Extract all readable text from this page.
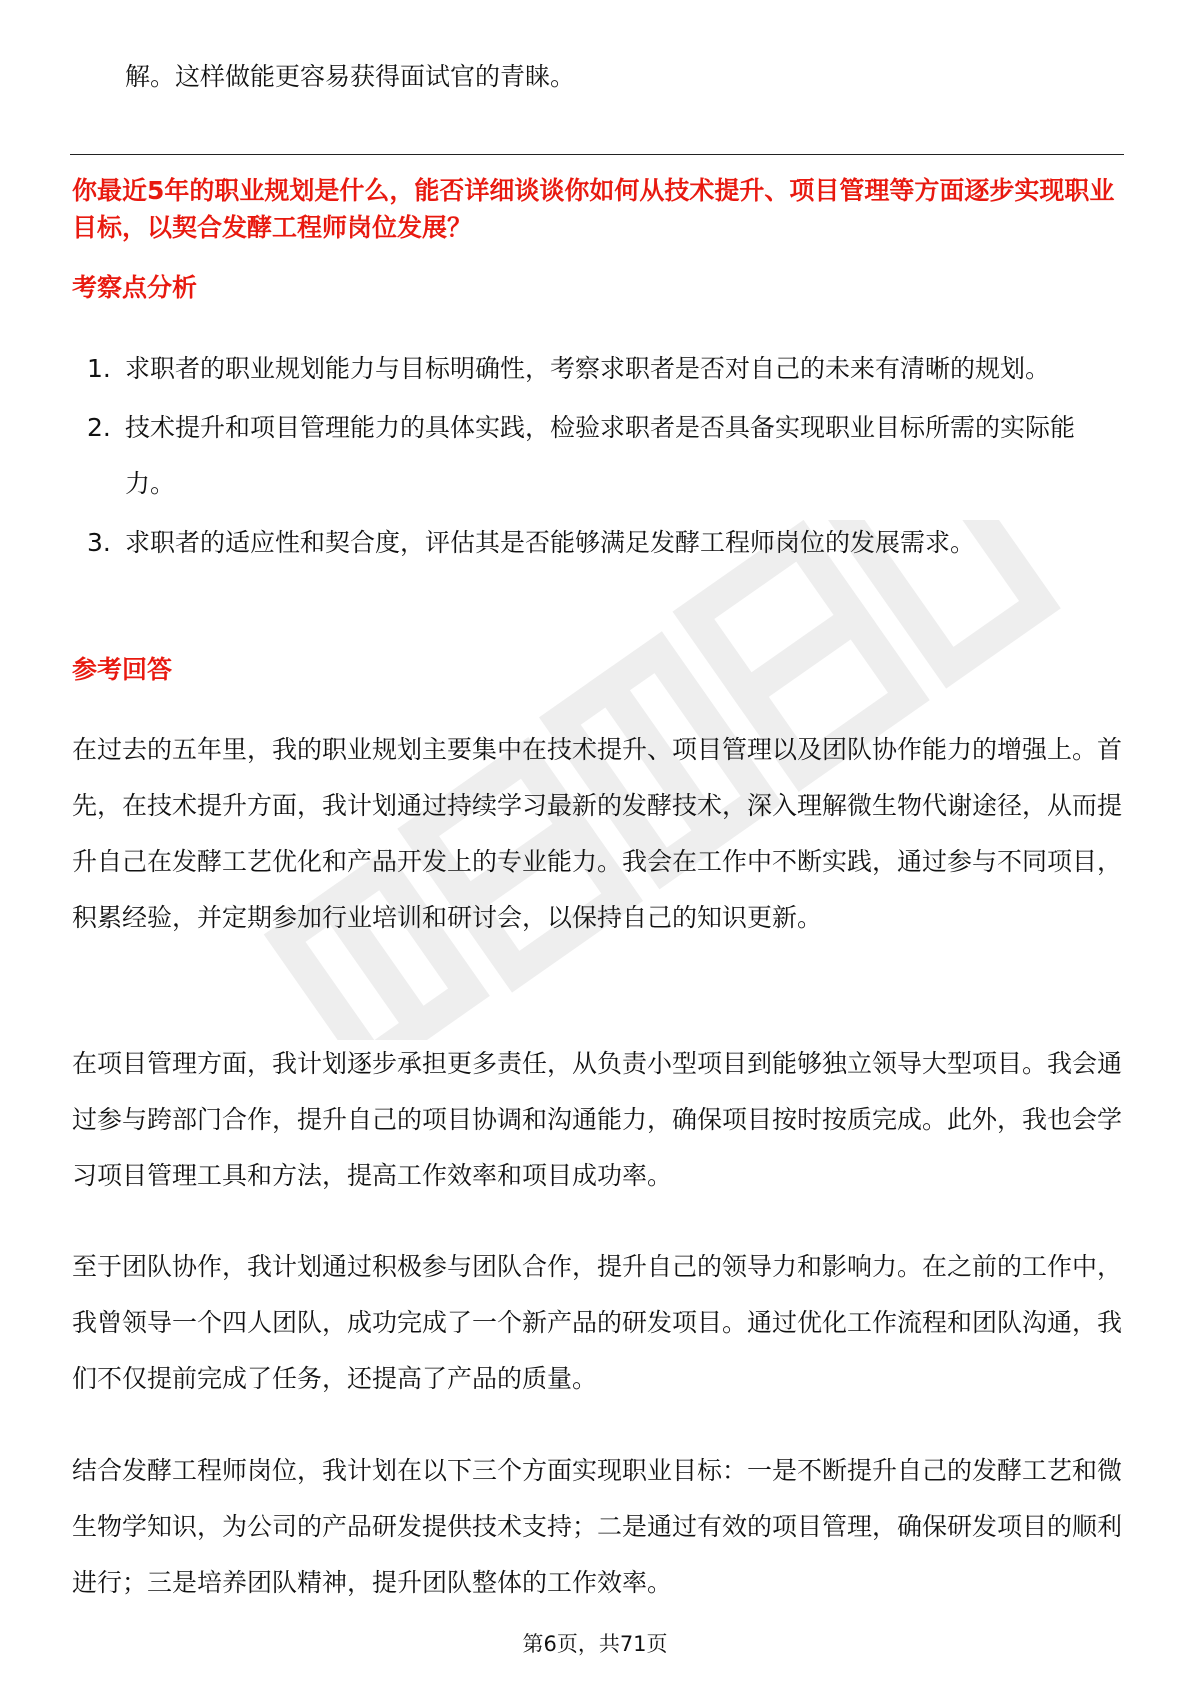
解。这样做能更容易获得面试官的青睐。
你最近5年的职业规划是什么，能否详细谈谈你如何从技术提升、项目管理等方面逐步实现职业目标，以契合发酵工程师岗位发展？
考察点分析
1. 求职者的职业规划能力与目标明确性，考察求职者是否对自己的未来有清晰的规划。
2. 技术提升和项目管理能力的具体实践，检验求职者是否具备实现职业目标所需的实际能力。
3. 求职者的适应性和契合度，评估其是否能够满足发酵工程师岗位的发展需求。
参考回答

在过去的五年里，我的职业规划主要集中在技术提升、项目管理以及团队协作能力的增强上。首先，在技术提升方面，我计划通过持续学习最新的发酵技术，深入理解微生物代谢途径，从而提升自己在发酵工艺优化和产品开发上的专业能力。我会在工作中不断实践，通过参与不同项目，积累经验，并定期参加行业培训和研讨会，以保持自己的知识更新。

在项目管理方面，我计划逐步承担更多责任，从负责小型项目到能够独立领导大型项目。我会通过参与跨部门合作，提升自己的项目协调和沟通能力，确保项目按时按质完成。此外，我也会学习项目管理工具和方法，提高工作效率和项目成功率。

至于团队协作，我计划通过积极参与团队合作，提升自己的领导力和影响力。在之前的工作中，我曾领导一个四人团队，成功完成了一个新产品的研发项目。通过优化工作流程和团队沟通，我们不仅提前完成了任务，还提高了产品的质量。

结合发酵工程师岗位，我计划在以下三个方面实现职业目标：一是不断提升自己的发酵工艺和微生物学知识，为公司的产品研发提供技术支持；二是通过有效的项目管理，确保研发项目的顺利进行；三是培养团队精神，提升团队整体的工作效率。

第6页，共71页
